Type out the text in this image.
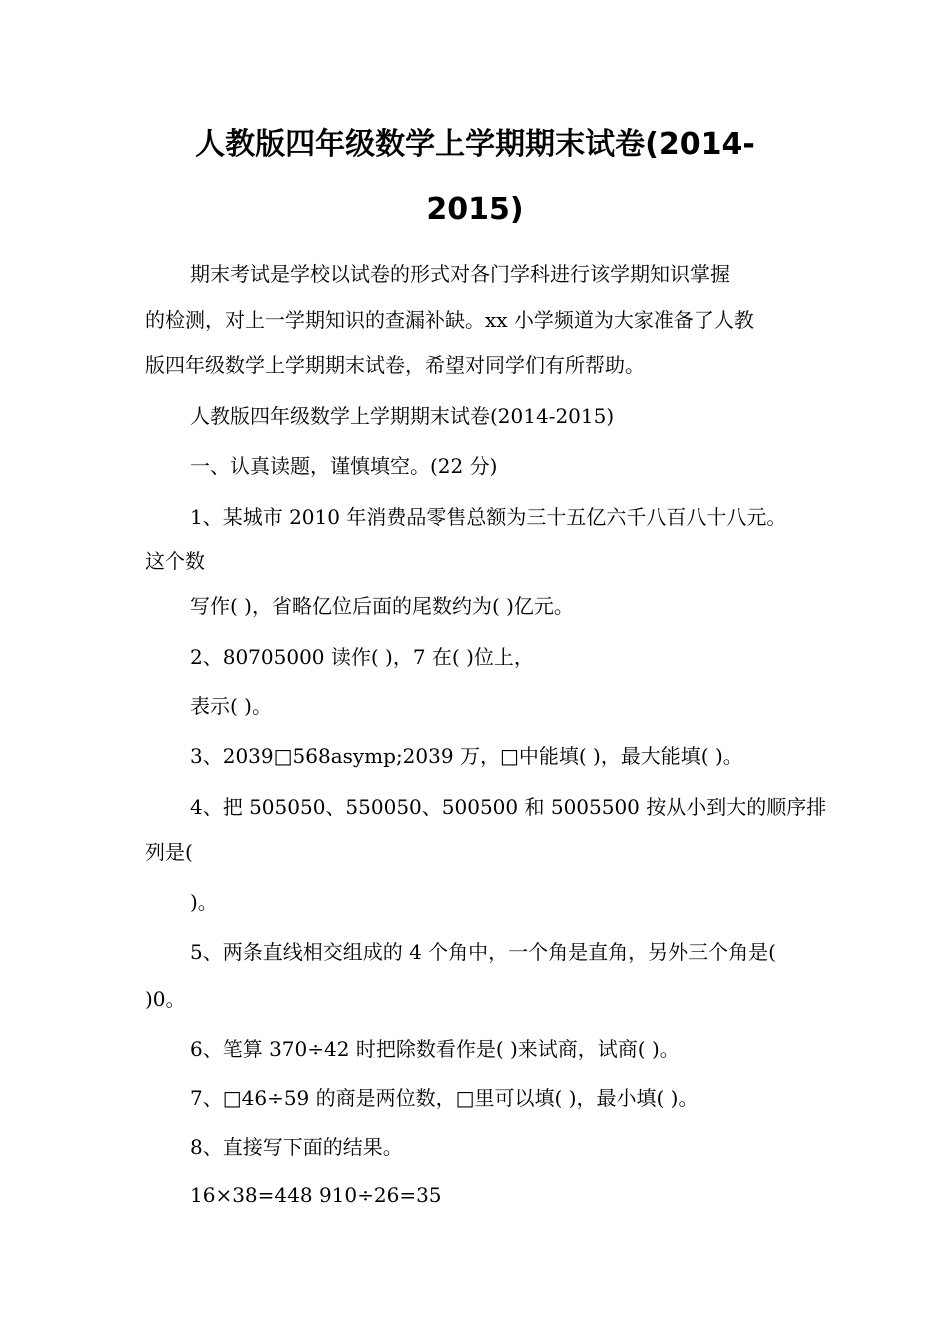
人教版四年级数学上学期期末试卷(2014-
2015)

期末考试是学校以试卷的形式对各门学科进行该学期知识掌握

的检测，对上一学期知识的查漏补缺。xx 小学频道为大家准备了人教

版四年级数学上学期期末试卷，希望对同学们有所帮助。

人教版四年级数学上学期期末试卷(2014-2015)

一、认真读题，谨慎填空。(22 分)

1、某城市 2010 年消费品零售总额为三十五亿六千八百八十八元。

这个数

写作( )，省略亿位后面的尾数约为( )亿元。

2、80705000 读作( )，7 在( )位上，

表示( )。

3、2039□568asymp;2039 万，□中能填( )，最大能填( )。

4、把 505050、550050、500500 和 5005500 按从小到大的顺序排

列是(

)。

5、两条直线相交组成的 4 个角中，一个角是直角，另外三个角是(

)0。

6、笔算 370÷42 时把除数看作是( )来试商，试商( )。

7、□46÷59 的商是两位数，□里可以填( )，最小填( )。

8、直接写下面的结果。

16×38=448 910÷26=35
